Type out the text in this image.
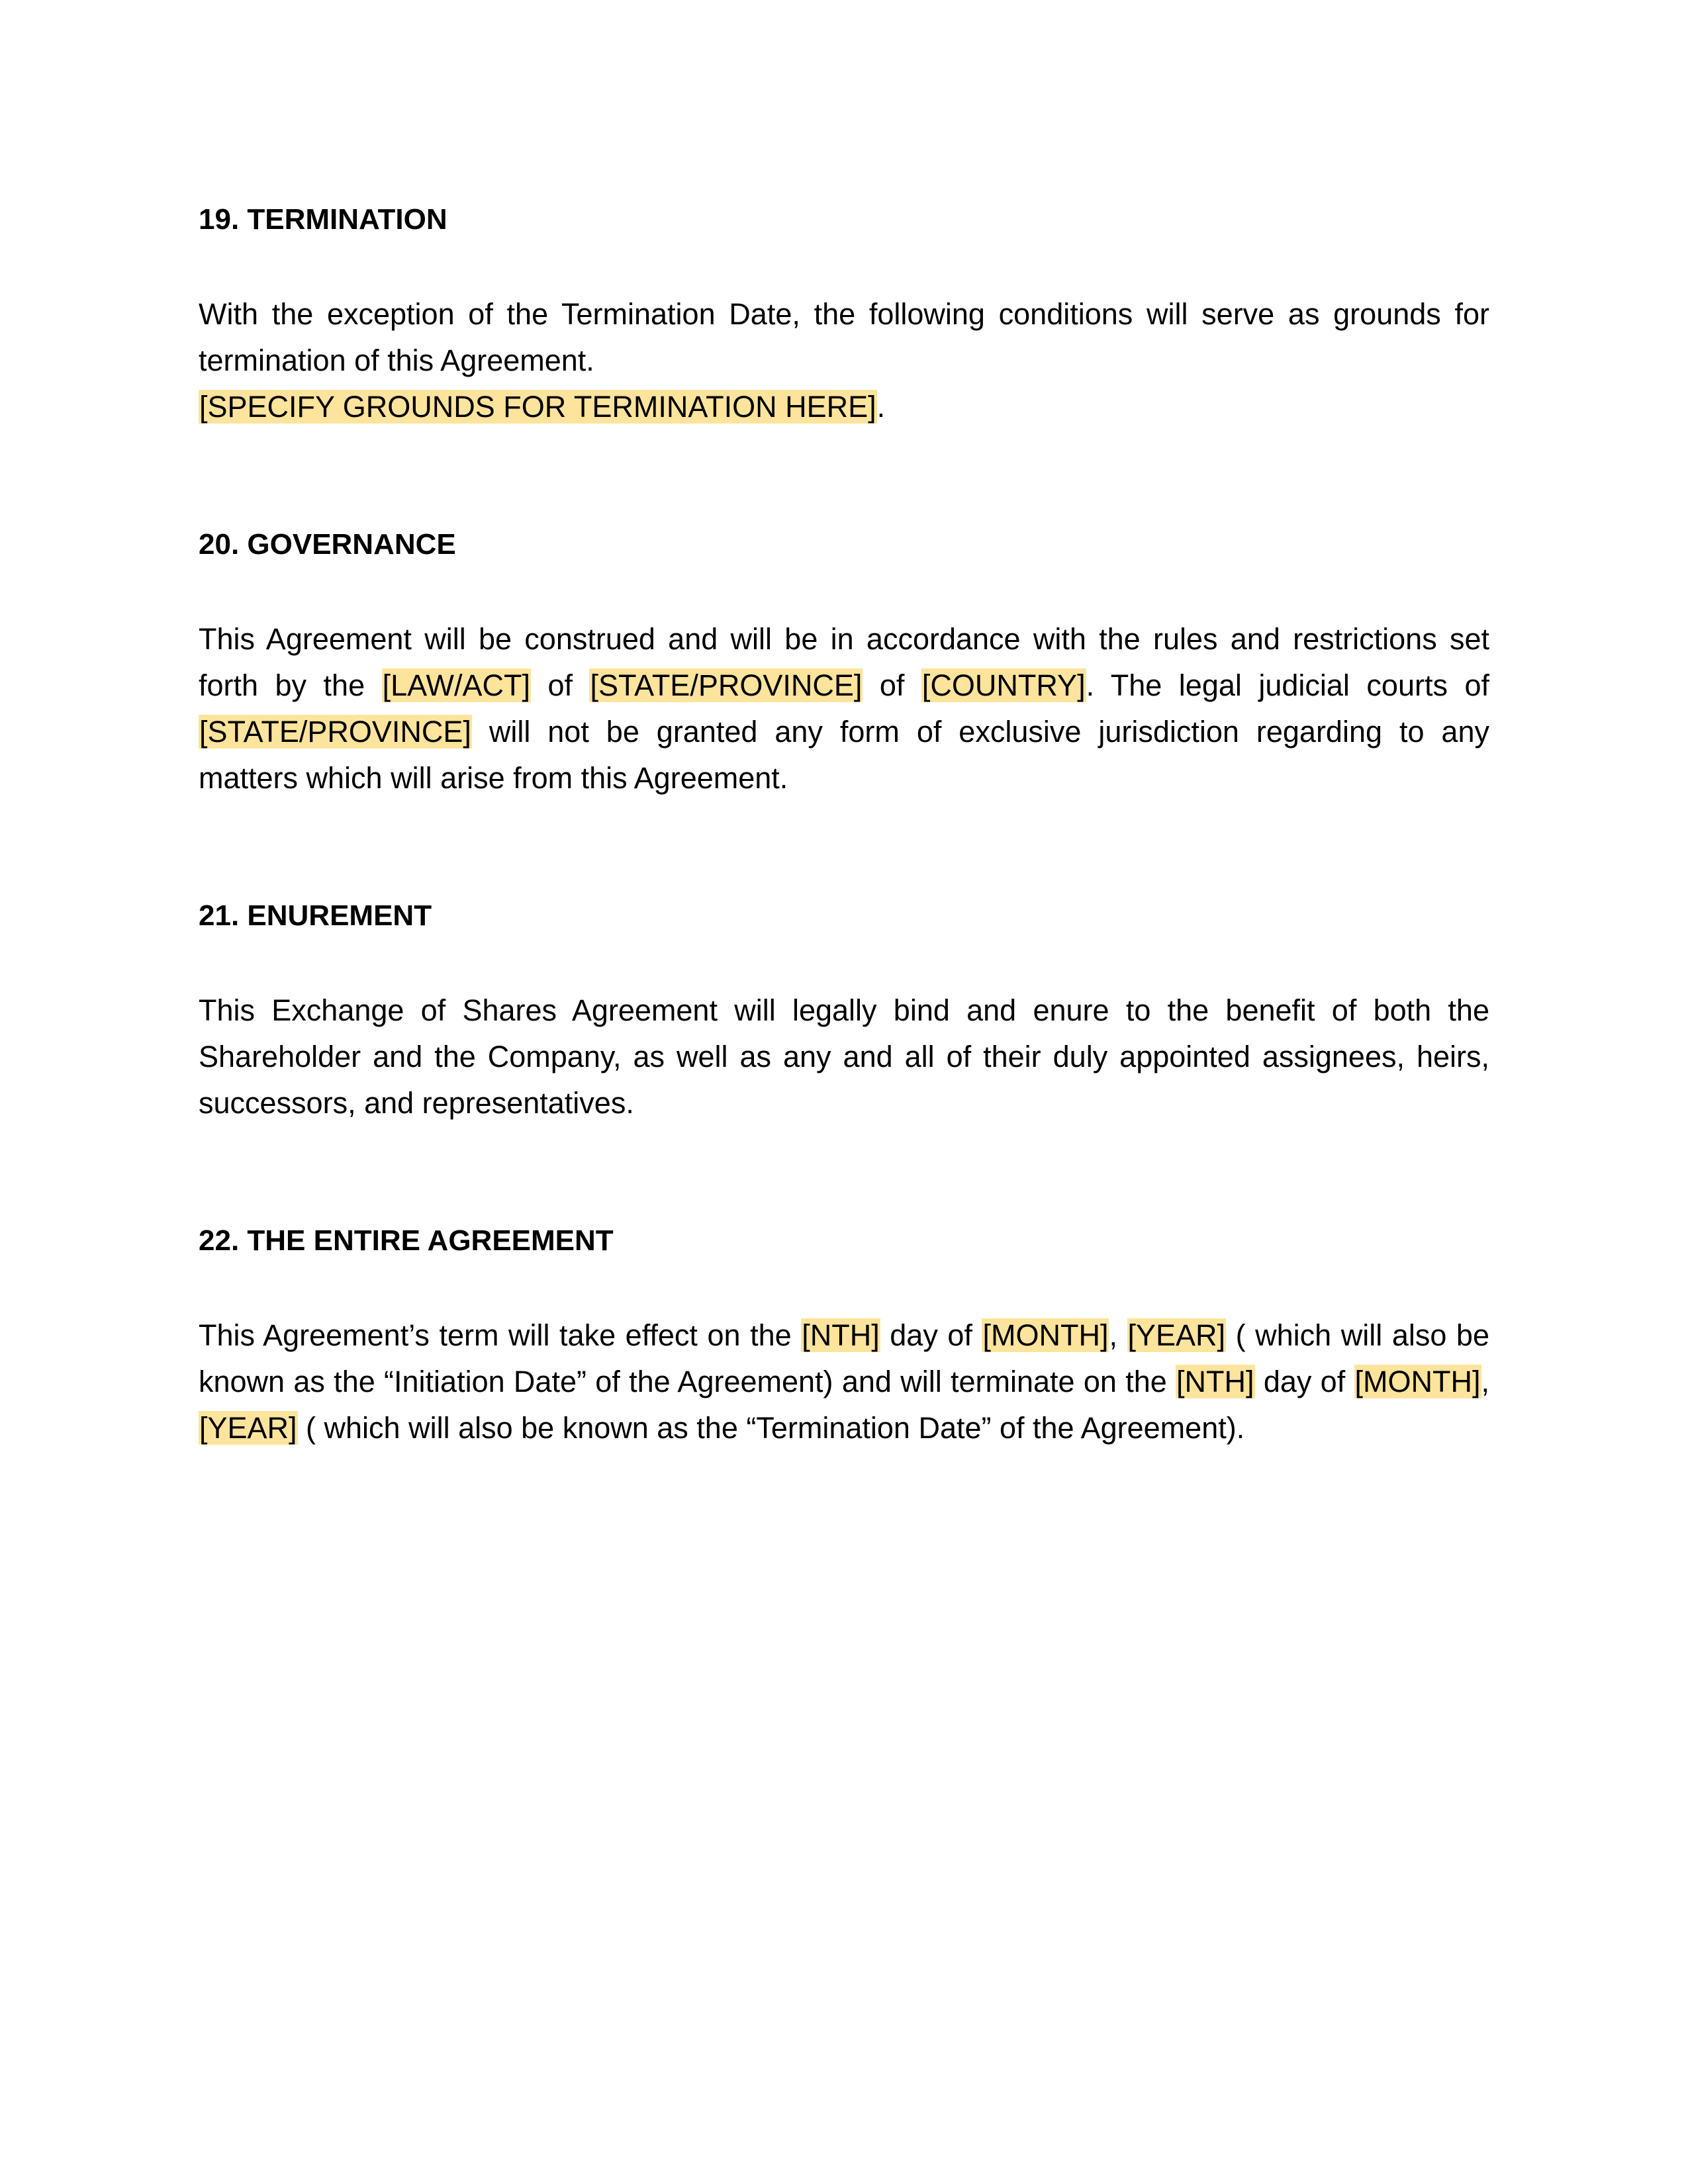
19. TERMINATION

With the exception of the Termination Date, the following conditions will serve as grounds for termination of this Agreement.

[SPECIFY GROUNDS FOR TERMINATION HERE].

20. GOVERNANCE

This Agreement will be construed and will be in accordance with the rules and restrictions set forth by the [LAW/ACT] of [STATE/PROVINCE] of [COUNTRY]. The legal judicial courts of [STATE/PROVINCE] will not be granted any form of exclusive jurisdiction regarding to any matters which will arise from this Agreement.

21. ENUREMENT

This Exchange of Shares Agreement will legally bind and enure to the benefit of both the Shareholder and the Company, as well as any and all of their duly appointed assignees, heirs, successors, and representatives.

22. THE ENTIRE AGREEMENT

This Agreement’s term will take effect on the [NTH] day of [MONTH], [YEAR] ( which will also be known as the “Initiation Date” of the Agreement) and will terminate on the [NTH] day of [MONTH], [YEAR] ( which will also be known as the “Termination Date” of the Agreement).
